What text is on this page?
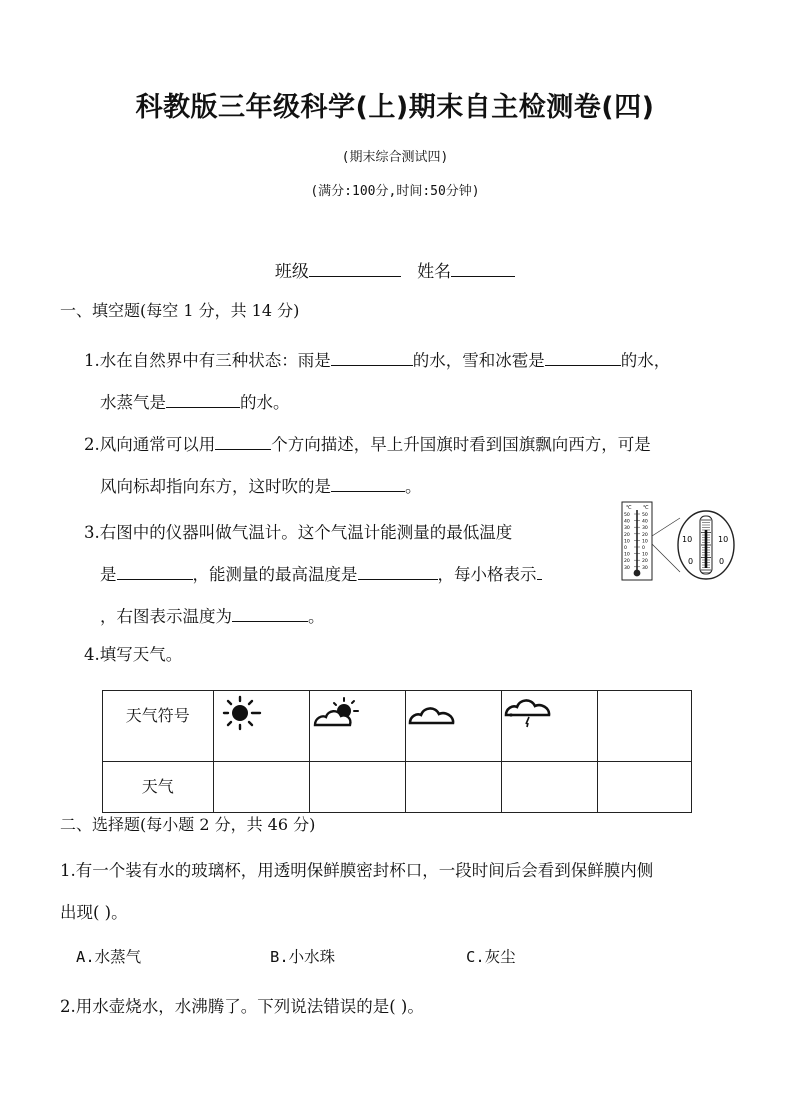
科教版三年级科学(上)期末自主检测卷(四)
(期末综合测试四)
(满分:100分,时间:50分钟)
班级	姓名
一、填空题(每空 1 分，共 14 分)
1.水在自然界中有三种状态：雨是	的水，雪和冰雹是	的水，
水蒸气是	的水。
2.风向通常可以用	个方向描述，早上升国旗时看到国旗飘向西方，可是
风向标却指向东方，这时吹的是	。
3.右图中的仪器叫做气温计。这个气温计能测量的最低温度
是	，能测量的最高温度是	，每小格表示
，右图表示温度为	。
℃ ℃
50
40
30
20
10
0
10
20
30
50
40
30
20
10
0
10
20
30
10	10
0	0
4.填写天气。
天气符号					
天气					
二、选择题(每小题 2 分，共 46 分)
1.有一个装有水的玻璃杯，用透明保鲜膜密封杯口，一段时间后会看到保鲜膜内侧
出现( )。
A.水蒸气	B.小水珠	C.灰尘
2.用水壶烧水，水沸腾了。下列说法错误的是( )。
